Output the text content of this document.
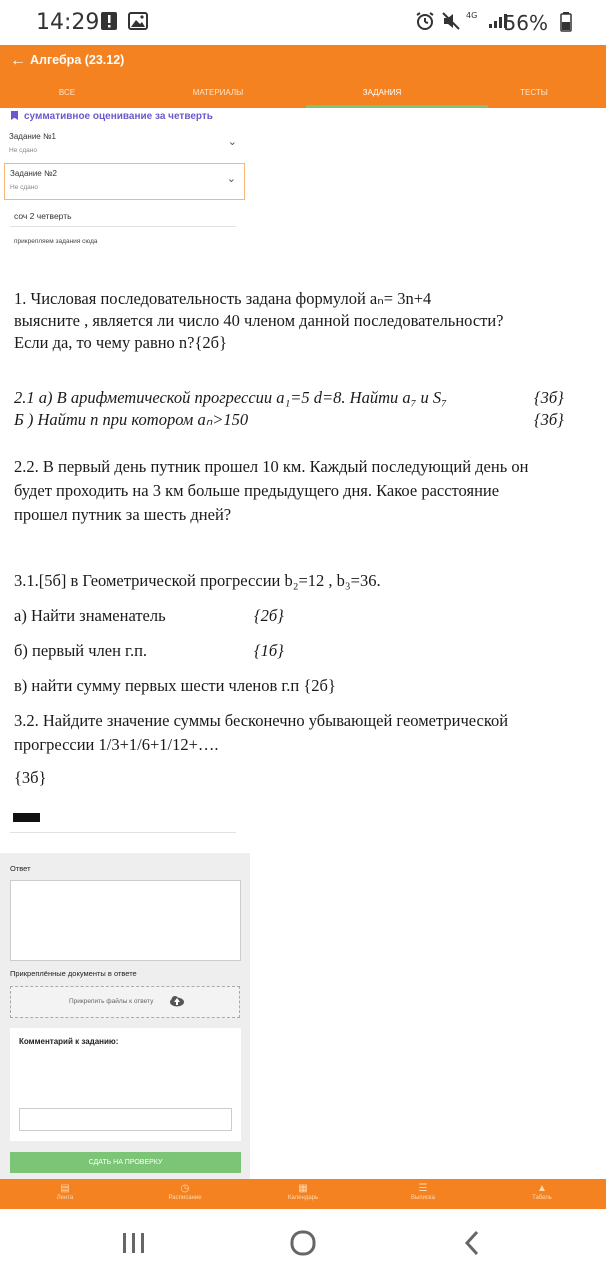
14:29	4G 56%
← Алгебра (23.12)
ВСЕ	МАТЕРИАЛЫ	ЗАДАНИЯ	ТЕСТЫ
суммативное оценивание за четверть
Задание №1
Не сдано
⌄
Задание №2
Не сдано
⌄
соч 2 четверть
прикрепляем задания сюда

1. Числовая последовательность задана формулой aₙ= 3n+4

выясните , является ли число 40 членом данной последовательности?

Если да, то чему равно n?{2б}

2.1 а) В арифметической прогрессии a₁=5 d=8. Найти a₇ и S₇	{3б}

Б ) Найти n при котором aₙ>150	{3б}

2.2. В первый день путник прошел 10 км. Каждый последующий день он

будет проходить на 3 км больше предыдущего дня. Какое расстояние

прошел путник за шесть дней?

3.1.[5б] в Геометрической прогрессии b₂=12 , b₃=36.

а) Найти знаменатель	{2б}

б) первый член г.п.	{1б}

в) найти сумму первых шести членов г.п {2б}

3.2. Найдите значение суммы бесконечно убывающей геометрической

прогрессии 1/3+1/6+1/12+….

{3б}

Ответ
Прикреплённые документы в ответе
Прикрепить файлы к ответу
Комментарий к заданию:
СДАТЬ НА ПРОВЕРКУ
▤
Лента
◷
Расписание
▦
Календарь
☰
Выписка
▲
Табель
